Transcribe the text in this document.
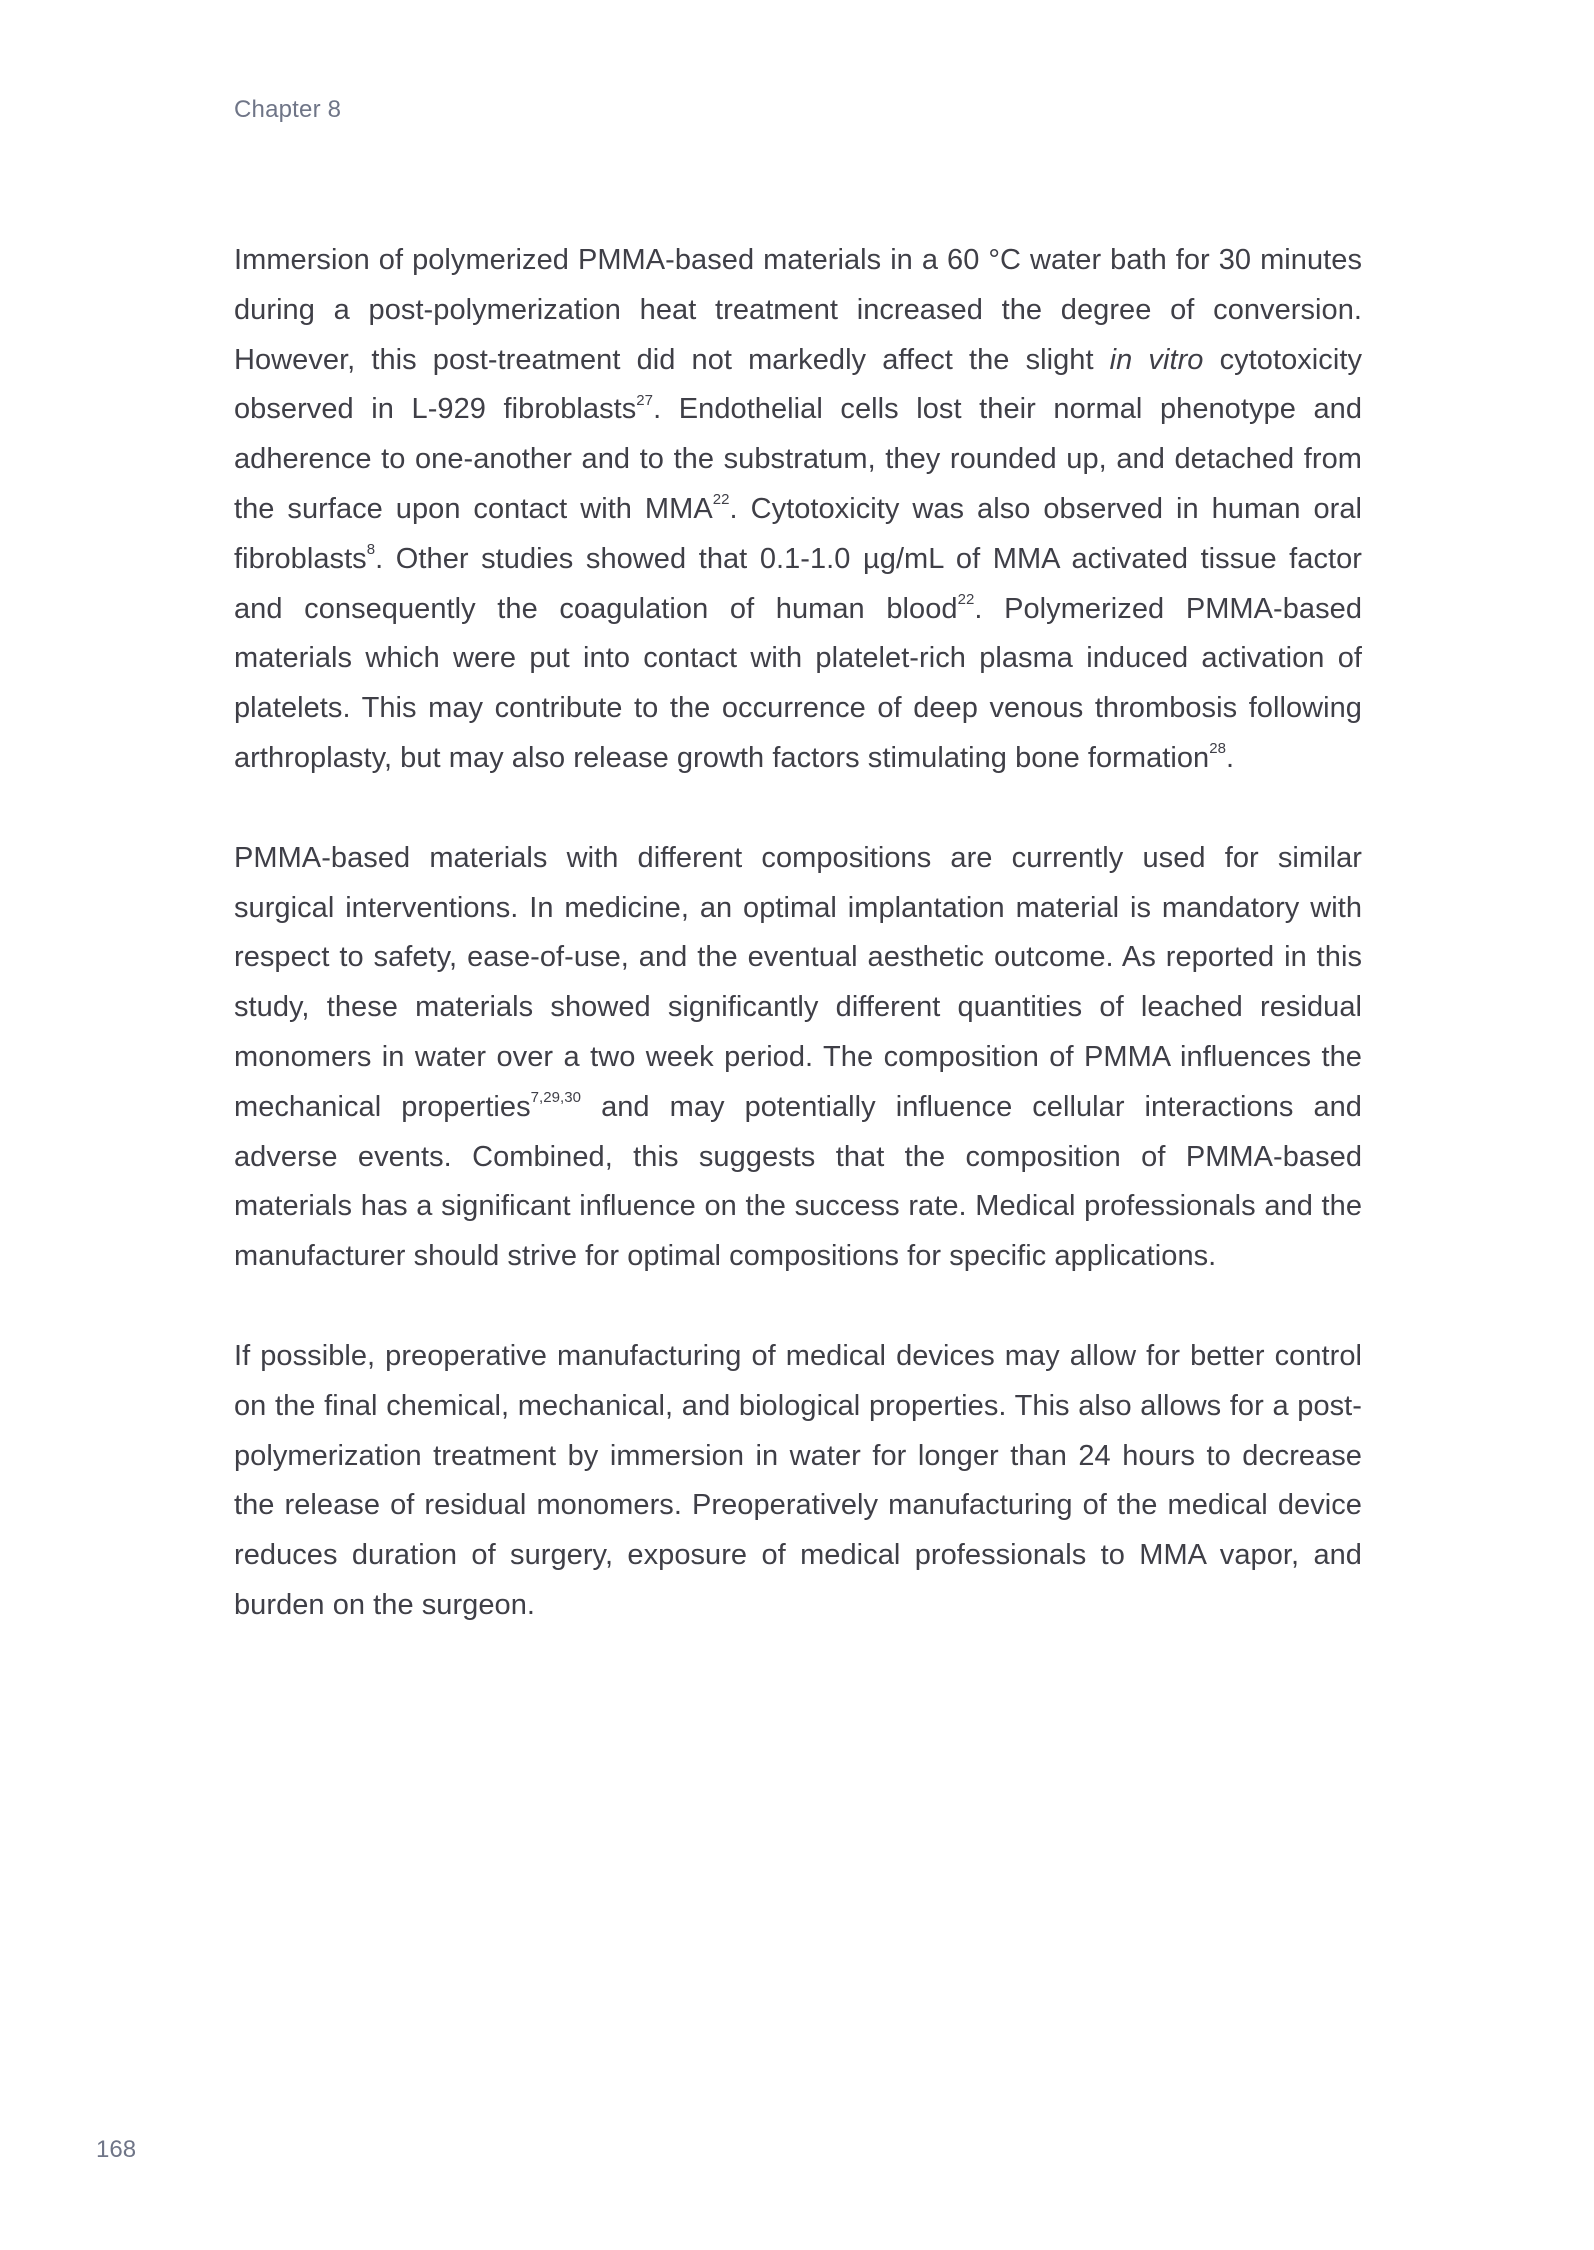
Chapter 8

Immersion of polymerized PMMA-based materials in a 60 °C water bath for 30 minutes during a post-polymerization heat treatment increased the degree of conversion. However, this post-treatment did not markedly affect the slight in vitro cytotoxicity observed in L-929 fibroblasts$^{27}$. Endothelial cells lost their normal phenotype and adherence to one-another and to the substratum, they rounded up, and detached from the surface upon contact with MMA$^{22}$. Cytotoxicity was also observed in human oral fibroblasts$^8$. Other studies showed that 0.1-1.0 µg/mL of MMA activated tissue factor and consequently the coagulation of human blood$^{22}$. Polymerized PMMA-based materials which were put into contact with platelet-rich plasma induced activation of platelets. This may contribute to the occurrence of deep venous thrombosis following arthroplasty, but may also release growth factors stimulating bone formation$^{28}$.

PMMA-based materials with different compositions are currently used for similar surgical interventions. In medicine, an optimal implantation material is mandatory with respect to safety, ease-of-use, and the eventual aesthetic outcome. As reported in this study, these materials showed significantly different quantities of leached residual monomers in water over a two week period. The composition of PMMA influences the mechanical properties$^{7,29,30}$ and may potentially influence cellular interactions and adverse events. Combined, this suggests that the composition of PMMA-based materials has a significant influence on the success rate. Medical professionals and the manufacturer should strive for optimal compositions for specific applications.

If possible, preoperative manufacturing of medical devices may allow for better control on the final chemical, mechanical, and biological properties. This also allows for a post-polymerization treatment by immersion in water for longer than 24 hours to decrease the release of residual monomers. Preoperatively manufacturing of the medical device reduces duration of surgery, exposure of medical professionals to MMA vapor, and burden on the surgeon.

168
